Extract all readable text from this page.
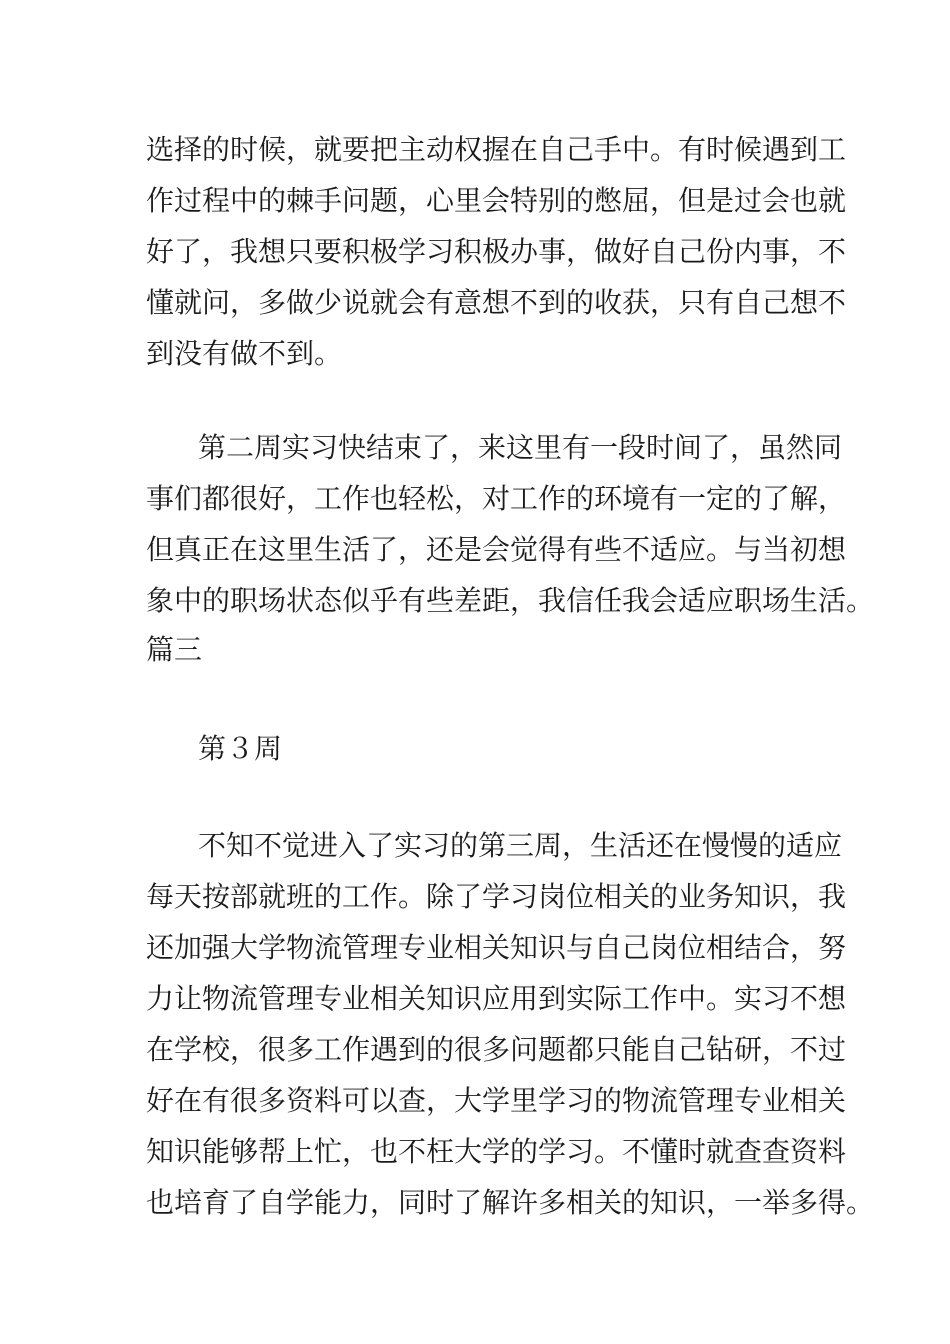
选择的时候，就要把主动权握在自己手中。有时候遇到工
作过程中的棘手问题，心里会特别的憋屈，但是过会也就
好了，我想只要积极学习积极办事，做好自己份内事，不
懂就问，多做少说就会有意想不到的收获，只有自己想不
到没有做不到。
第二周实习快结束了，来这里有一段时间了，虽然同
事们都很好，工作也轻松，对工作的环境有一定的了解，
但真正在这里生活了，还是会觉得有些不适应。与当初想
象中的职场状态似乎有些差距，我信任我会适应职场生活。
篇三
第３周
不知不觉进入了实习的第三周，生活还在慢慢的适应
每天按部就班的工作。除了学习岗位相关的业务知识，我
还加强大学物流管理专业相关知识与自己岗位相结合，努
力让物流管理专业相关知识应用到实际工作中。实习不想
在学校，很多工作遇到的很多问题都只能自己钻研，不过
好在有很多资料可以查，大学里学习的物流管理专业相关
知识能够帮上忙，也不枉大学的学习。不懂时就查查资料
也培育了自学能力，同时了解许多相关的知识，一举多得。
